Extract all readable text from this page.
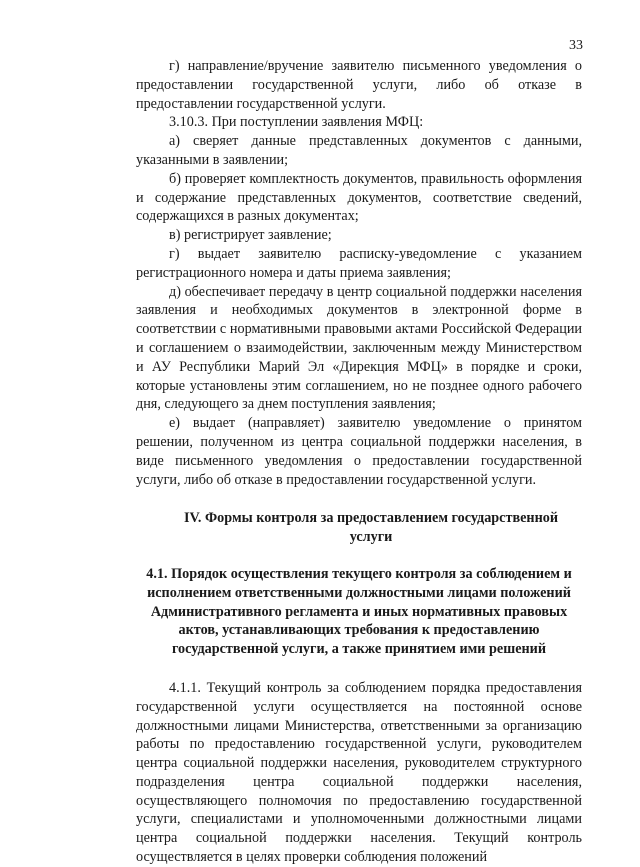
33

г) направление/вручение заявителю письменного уведомления о предоставлении государственной услуги, либо об отказе в предоставлении государственной услуги.

3.10.3. При поступлении заявления МФЦ:

а) сверяет данные представленных документов с данными, указанными в заявлении;

б) проверяет комплектность документов, правильность оформления и содержание представленных документов, соответствие сведений, содержащихся в разных документах;

в) регистрирует заявление;

г) выдает заявителю расписку-уведомление с указанием регистрационного номера и даты приема заявления;

д) обеспечивает передачу в центр социальной поддержки населения заявления и необходимых документов в электронной форме в соответствии с нормативными правовыми актами Российской Федерации и соглашением о взаимодействии, заключенным между Министерством и АУ Республики Марий Эл «Дирекция МФЦ» в порядке и сроки, которые установлены этим соглашением, но не позднее одного рабочего дня, следующего за днем поступления заявления;

е) выдает (направляет) заявителю уведомление о принятом решении, полученном из центра социальной поддержки населения, в виде письменного уведомления о предоставлении государственной услуги, либо об отказе в предоставлении государственной услуги.

IV. Формы контроля за предоставлением государственной услуги
4.1. Порядок осуществления текущего контроля за соблюдением и исполнением ответственными должностными лицами положений Административного регламента и иных нормативных правовых актов, устанавливающих требования к предоставлению государственной услуги, а также принятием ими решений

4.1.1. Текущий контроль за соблюдением порядка предоставления государственной услуги осуществляется на постоянной основе должностными лицами Министерства, ответственными за организацию работы по предоставлению государственной услуги, руководителем центра социальной поддержки населения, руководителем структурного подразделения центра социальной поддержки населения, осуществляющего полномочия по предоставлению государственной услуги, специалистами и уполномоченными должностными лицами центра социальной поддержки населения. Текущий контроль осуществляется в целях проверки соблюдения положений
